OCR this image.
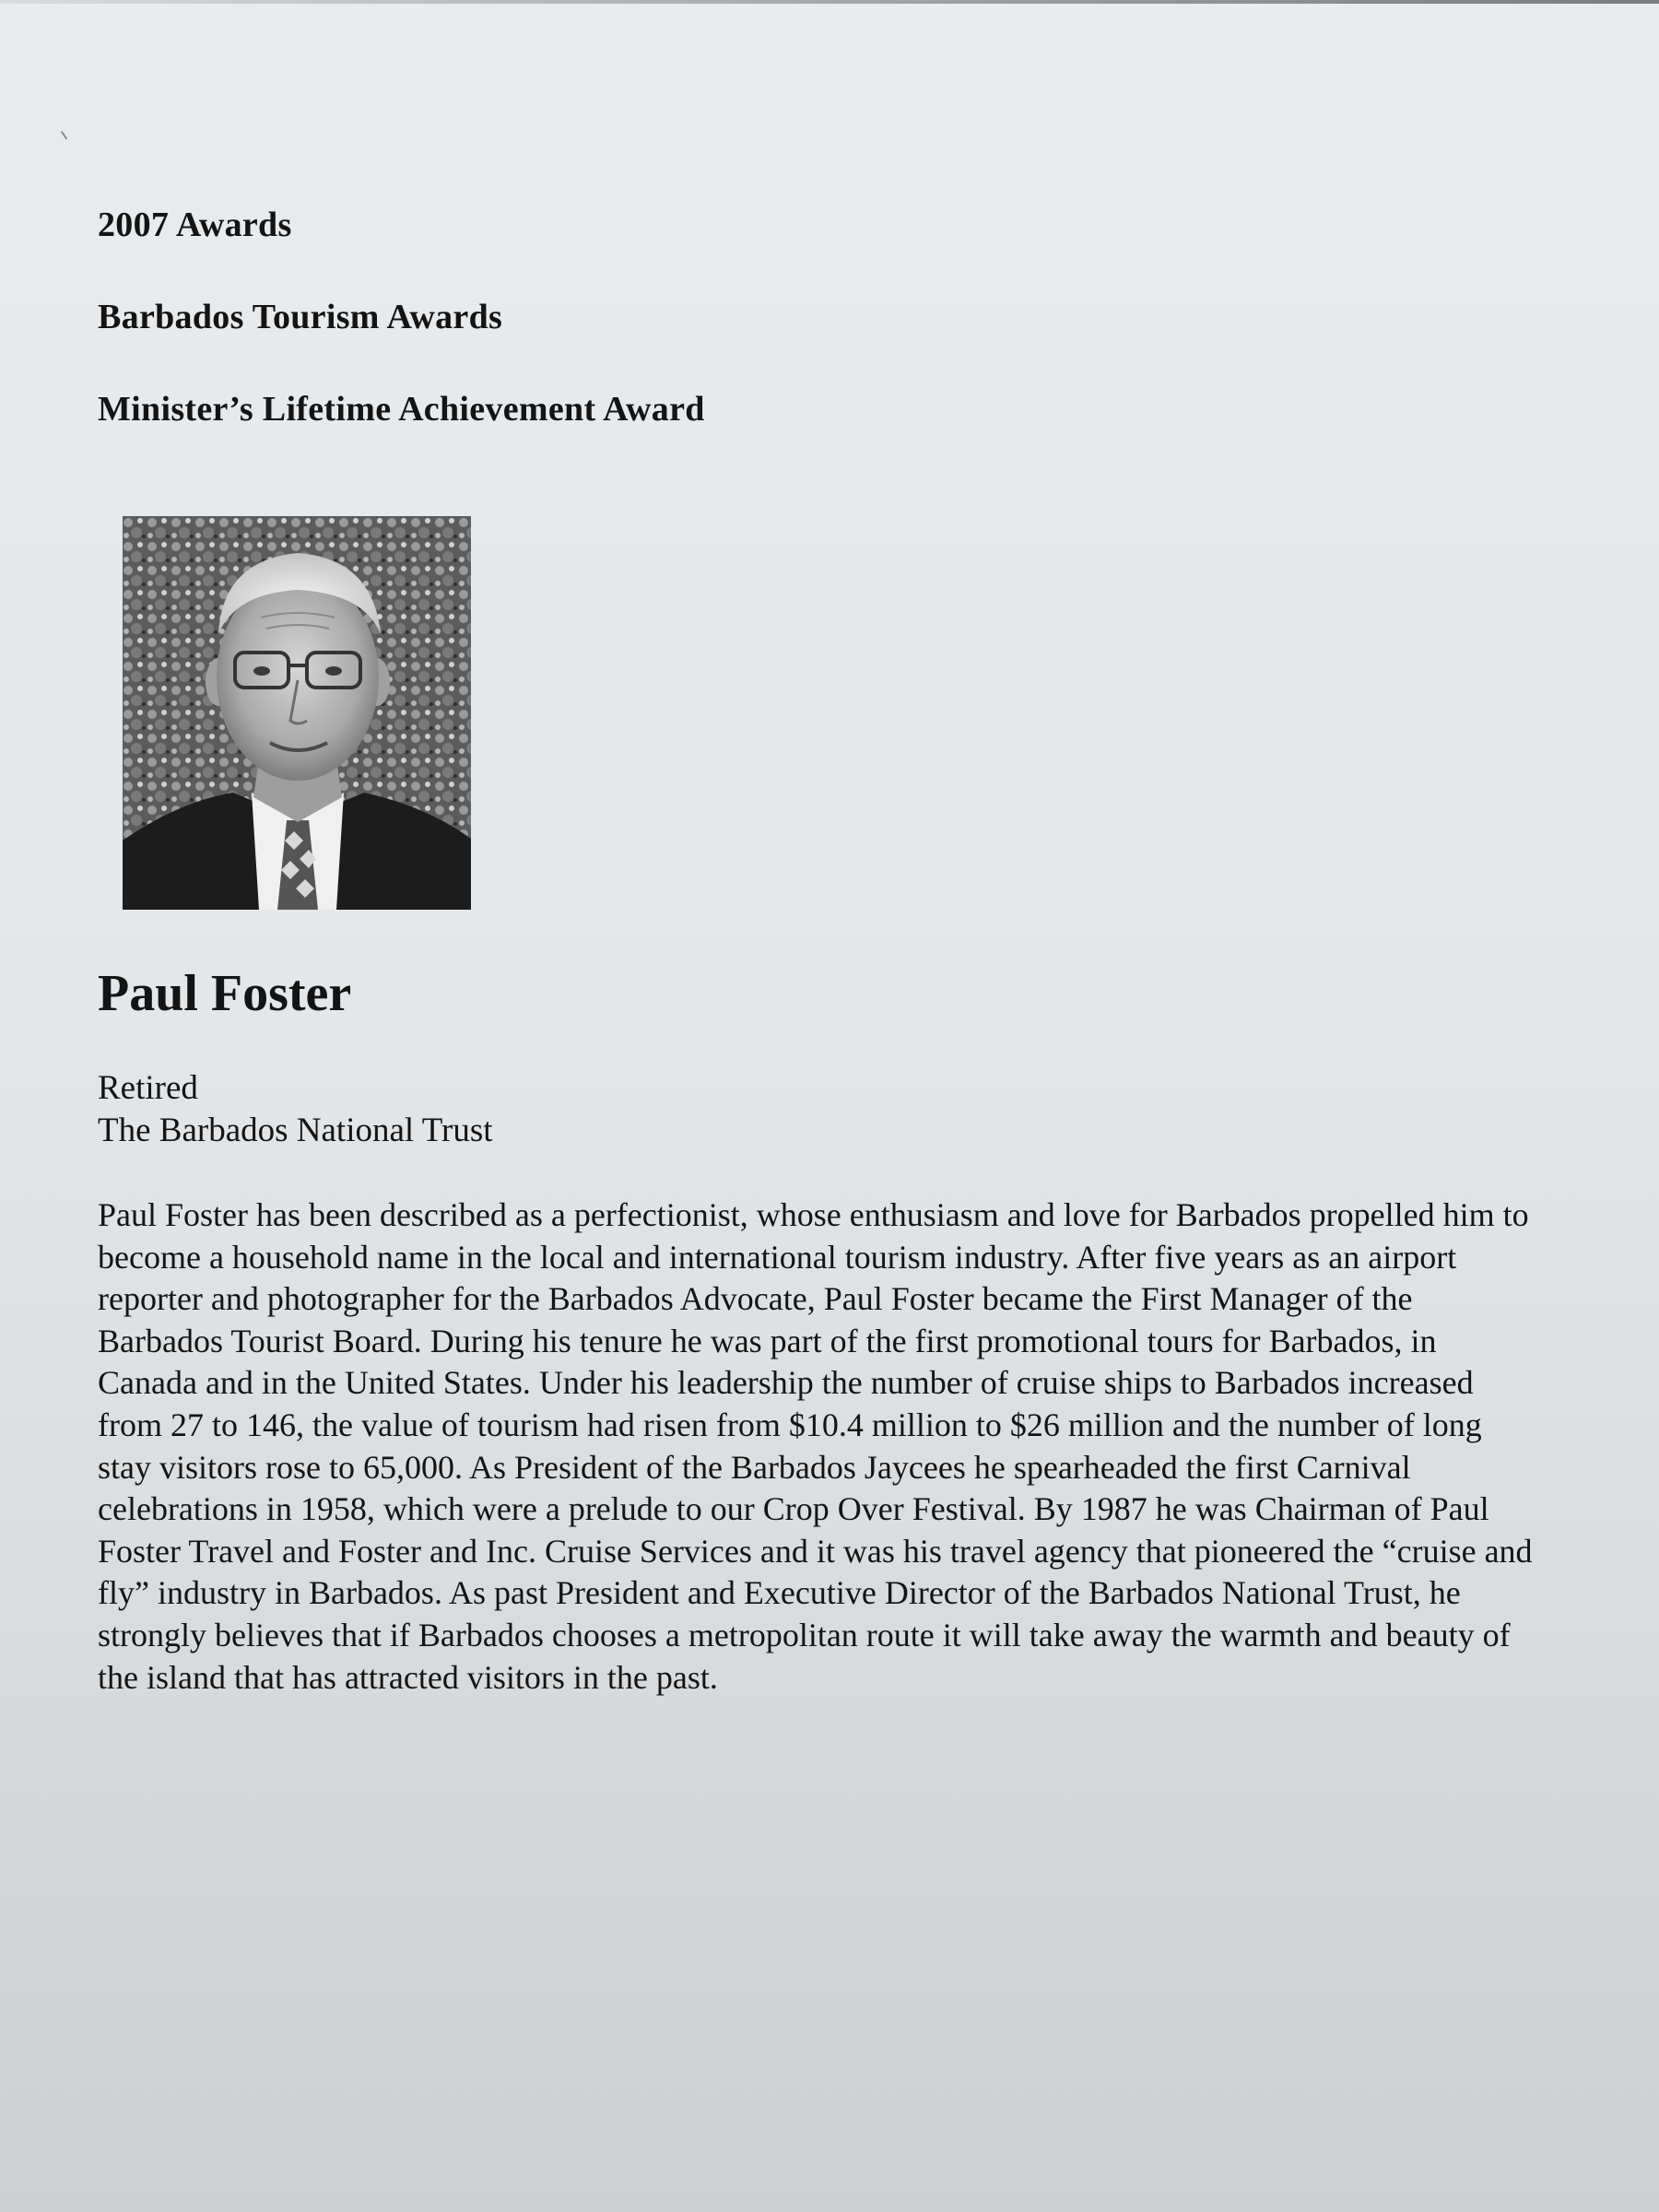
2007 Awards
Barbados Tourism Awards
Minister’s Lifetime Achievement Award
Paul Foster
Retired
The Barbados National Trust

Paul Foster has been described as a perfectionist, whose enthusiasm and love for Barbados propelled him to become a household name in the local and international tourism industry. After five years as an airport reporter and photographer for the Barbados Advocate, Paul Foster became the First Manager of the Barbados Tourist Board. During his tenure he was part of the first promotional tours for Barbados, in Canada and in the United States. Under his leadership the number of cruise ships to Barbados increased from 27 to 146, the value of tourism had risen from $10.4 million to $26 million and the number of long stay visitors rose to 65,000. As President of the Barbados Jaycees he spearheaded the first Carnival celebrations in 1958, which were a prelude to our Crop Over Festival. By 1987 he was Chairman of Paul Foster Travel and Foster and Inc. Cruise Services and it was his travel agency that pioneered the “cruise and fly” industry in Barbados. As past President and Executive Director of the Barbados National Trust, he strongly believes that if Barbados chooses a metropolitan route it will take away the warmth and beauty of the island that has attracted visitors in the past.
